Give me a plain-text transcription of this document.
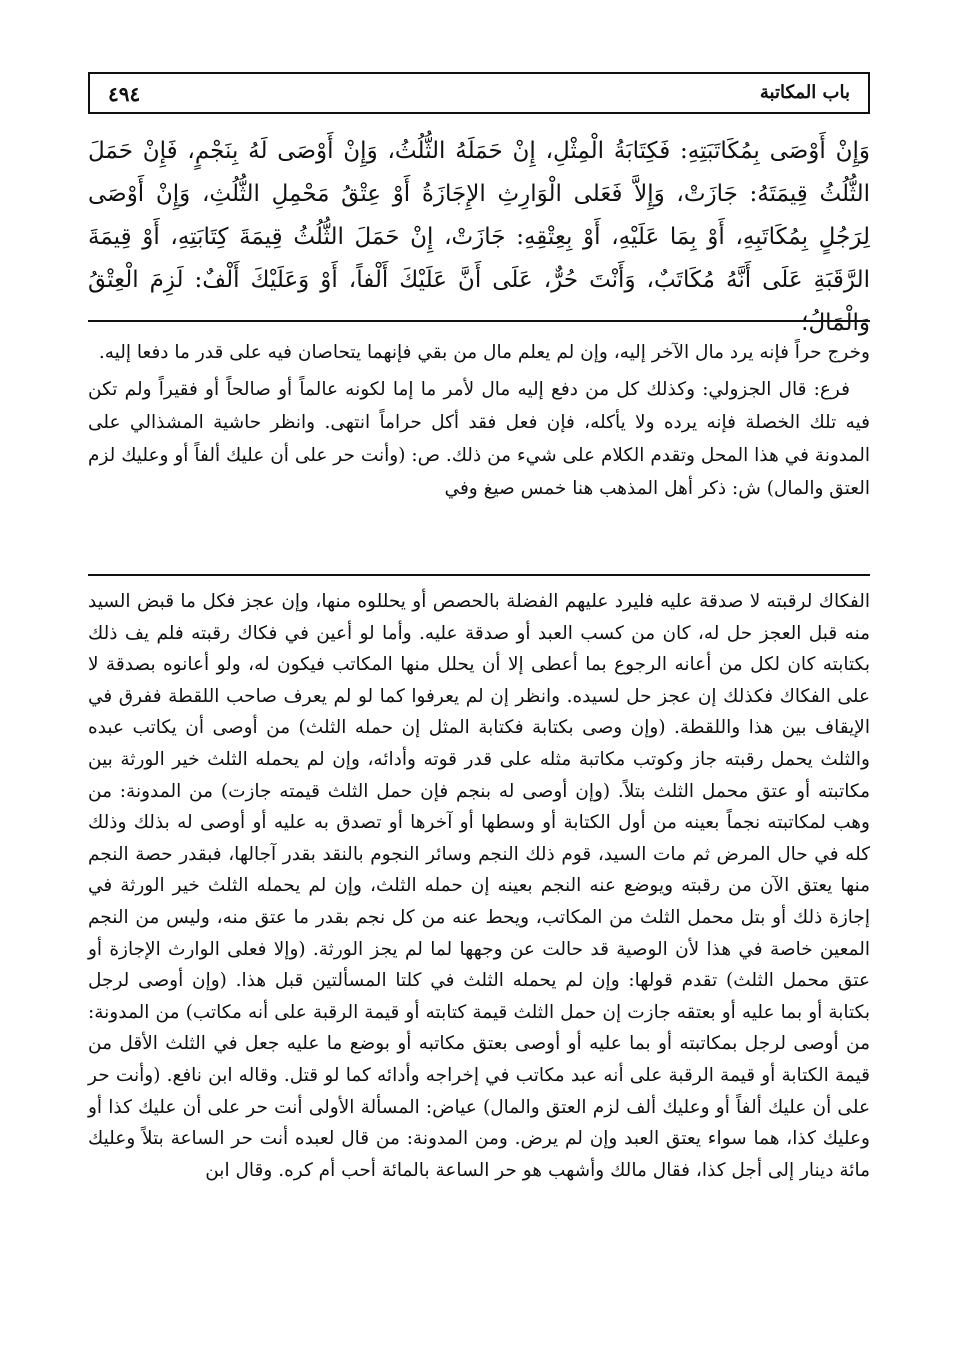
٤٩٤	باب المكاتبة
وَإِنْ أَوْصَى بِمُكَاتَبَتِهِ: فَكِتَابَةُ الْمِثْلِ، إِنْ حَمَلَهُ الثُّلُثُ، وَإِنْ أَوْصَى لَهُ بِنَجْمٍ، فَإِنْ حَمَلَ الثُّلُثُ قِيمَتَهُ: جَازَتْ، وَإِلاَّ فَعَلى الْوَارِثِ الإِجَازَةُ أَوْ عِتْقُ مَحْمِلِ الثُّلُثِ، وَإِنْ أَوْصَى لِرَجُلٍ بِمُكَاتَبِهِ، أَوْ بِمَا عَلَيْهِ، أَوْ بِعِتْقِهِ: جَازَتْ، إِنْ حَمَلَ الثُّلُثُ قِيمَةَ كِتَابَتِهِ، أَوْ قِيمَةَ الرَّقَبَةِ عَلَى أَنَّهُ مُكَاتَبٌ، وَأَنْتَ حُرٌّ، عَلَى أَنَّ عَلَيْكَ أَلْفاً، أَوْ وَعَلَيْكَ أَلْفٌ: لَزِمَ الْعِتْقُ وَالْمَالُ؛

وخرج حراً فإنه يرد مال الآخر إليه، وإن لم يعلم مال من بقي فإنهما يتحاصان فيه على قدر ما دفعا إليه.

فرع: قال الجزولي: وكذلك كل من دفع إليه مال لأمر ما إما لكونه عالماً أو صالحاً أو فقيراً ولم تكن فيه تلك الخصلة فإنه يرده ولا يأكله، فإن فعل فقد أكل حراماً انتهى. وانظر حاشية المشذالي على المدونة في هذا المحل وتقدم الكلام على شيء من ذلك. ص: (وأنت حر على أن عليك ألفاً أو وعليك لزم العتق والمال) ش: ذكر أهل المذهب هنا خمس صيغ وفي

الفكاك لرقبته لا صدقة عليه فليرد عليهم الفضلة بالحصص أو يحللوه منها، وإن عجز فكل ما قبض السيد منه قبل العجز حل له، كان من كسب العبد أو صدقة عليه. وأما لو أعين في فكاك رقبته فلم يف ذلك بكتابته كان لكل من أعانه الرجوع بما أعطى إلا أن يحلل منها المكاتب فيكون له، ولو أعانوه بصدقة لا على الفكاك فكذلك إن عجز حل لسيده. وانظر إن لم يعرفوا كما لو لم يعرف صاحب اللقطة ففرق في الإيقاف بين هذا واللقطة. (وإن وصى بكتابة فكتابة المثل إن حمله الثلث) من أوصى أن يكاتب عبده والثلث يحمل رقبته جاز وكوتب مكاتبة مثله على قدر قوته وأدائه، وإن لم يحمله الثلث خير الورثة بين مكاتبته أو عتق محمل الثلث بتلاً. (وإن أوصى له بنجم فإن حمل الثلث قيمته جازت) من المدونة: من وهب لمكاتبته نجماً بعينه من أول الكتابة أو وسطها أو آخرها أو تصدق به عليه أو أوصى له بذلك وذلك كله في حال المرض ثم مات السيد، قوم ذلك النجم وسائر النجوم بالنقد بقدر آجالها، فبقدر حصة النجم منها يعتق الآن من رقبته ويوضع عنه النجم بعينه إن حمله الثلث، وإن لم يحمله الثلث خير الورثة في إجازة ذلك أو بتل محمل الثلث من المكاتب، ويحط عنه من كل نجم بقدر ما عتق منه، وليس من النجم المعين خاصة في هذا لأن الوصية قد حالت عن وجهها لما لم يجز الورثة. (وإلا فعلى الوارث الإجازة أو عتق محمل الثلث) تقدم قولها: وإن لم يحمله الثلث في كلتا المسألتين قبل هذا. (وإن أوصى لرجل بكتابة أو بما عليه أو بعتقه جازت إن حمل الثلث قيمة كتابته أو قيمة الرقبة على أنه مكاتب) من المدونة: من أوصى لرجل بمكاتبته أو بما عليه أو أوصى بعتق مكاتبه أو بوضع ما عليه جعل في الثلث الأقل من قيمة الكتابة أو قيمة الرقبة على أنه عبد مكاتب في إخراجه وأدائه كما لو قتل. وقاله ابن نافع. (وأنت حر على أن عليك ألفاً أو وعليك ألف لزم العتق والمال) عياض: المسألة الأولى أنت حر على أن عليك كذا أو وعليك كذا، هما سواء يعتق العبد وإن لم يرض. ومن المدونة: من قال لعبده أنت حر الساعة بتلاً وعليك مائة دينار إلى أجل كذا، فقال مالك وأشهب هو حر الساعة بالمائة أحب أم كره. وقال ابن
